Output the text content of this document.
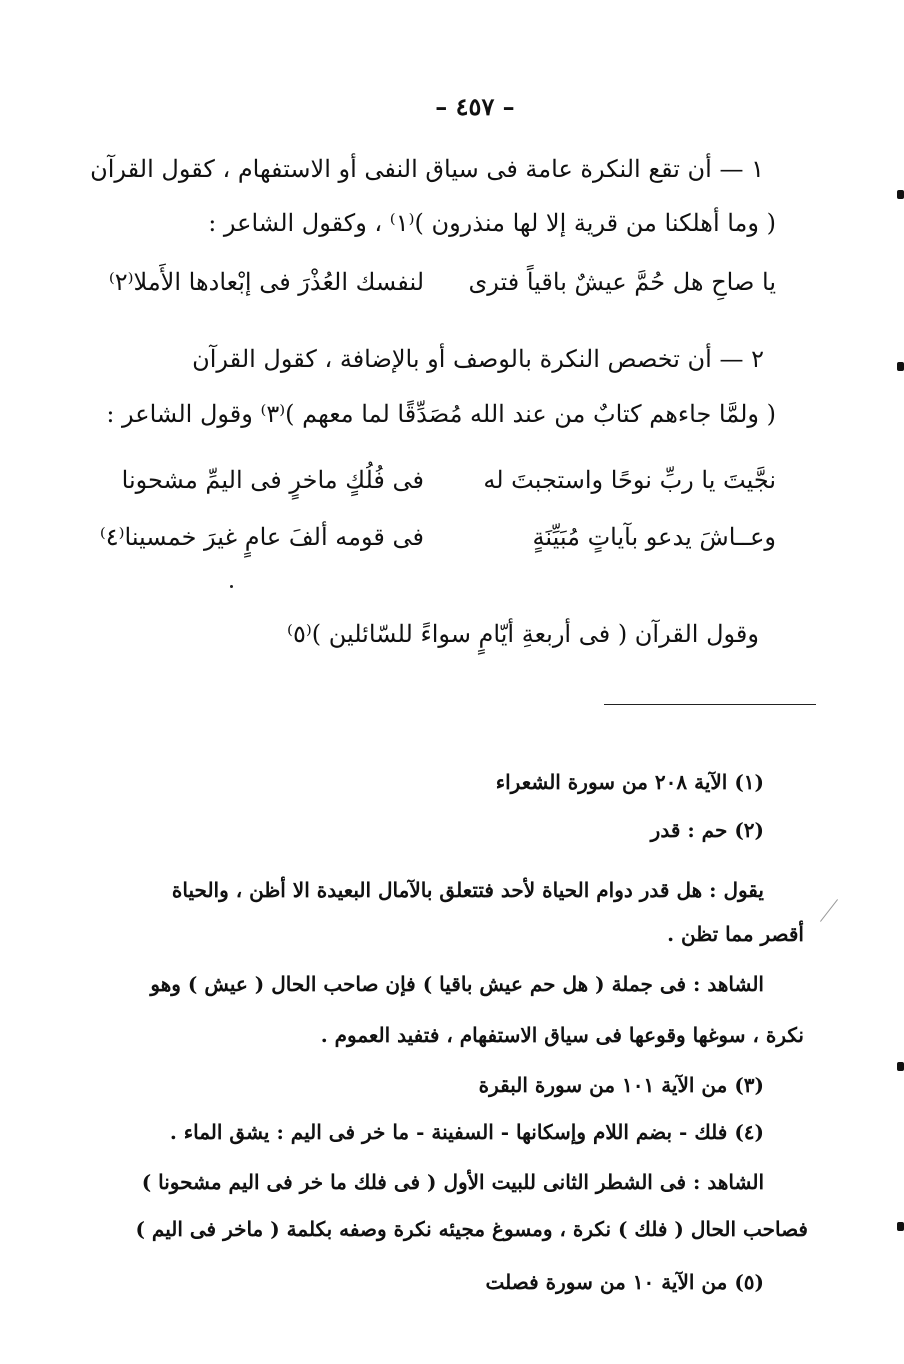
– ٤٥٧ –
١ — أن تقع النكرة عامة فى سياق النفى أو الاستفهام ، كقول القرآن
( وما أهلكنا من قرية إلا لها منذرون )⁽١⁾ ، وكقول الشاعر :
يا صاحِ هل حُمَّ عيشٌ باقياً فترى
لنفسك العُذْرَ فى إبْعادها الأَملا⁽٢⁾
٢ — أن تخصص النكرة بالوصف أو بالإضافة ، كقول القرآن
( ولمَّا جاءهم كتابٌ من عند الله مُصَدِّقًا لما معهم )⁽٣⁾ وقول الشاعر :
نجَّيتَ يا ربِّ نوحًا واستجبتَ له
فى فُلُكٍ ماخرٍ فى اليمِّ مشحونا
وعــاشَ يدعو بآياتٍ مُبَيِّنَةٍ
فى قومه ألفَ عامٍ غيرَ خمسينا⁽٤⁾
وقول القرآن ( فى أربعةِ أيّامٍ سواءً للسّائلين )⁽٥⁾
(١) الآية ٢٠٨ من سورة الشعراء
(٢) حم : قدر
يقول : هل قدر دوام الحياة لأحد فتتعلق بالآمال البعيدة الا أظن ، والحياة
أقصر مما تظن .
الشاهد : فى جملة ( هل حم عيش باقيا ) فإن صاحب الحال ( عيش ) وهو
نكرة ، سوغها وقوعها فى سياق الاستفهام ، فتفيد العموم .
(٣) من الآية ١٠١ من سورة البقرة
(٤) فلك - بضم اللام وإسكانها - السفينة - ما خر فى اليم : يشق الماء .
الشاهد : فى الشطر الثانى للبيت الأول ( فى فلك ما خر فى اليم مشحونا )
فصاحب الحال ( فلك ) نكرة ، ومسوغ مجيئه نكرة وصفه بكلمة ( ماخر فى اليم )
(٥) من الآية ١٠ من سورة فصلت
